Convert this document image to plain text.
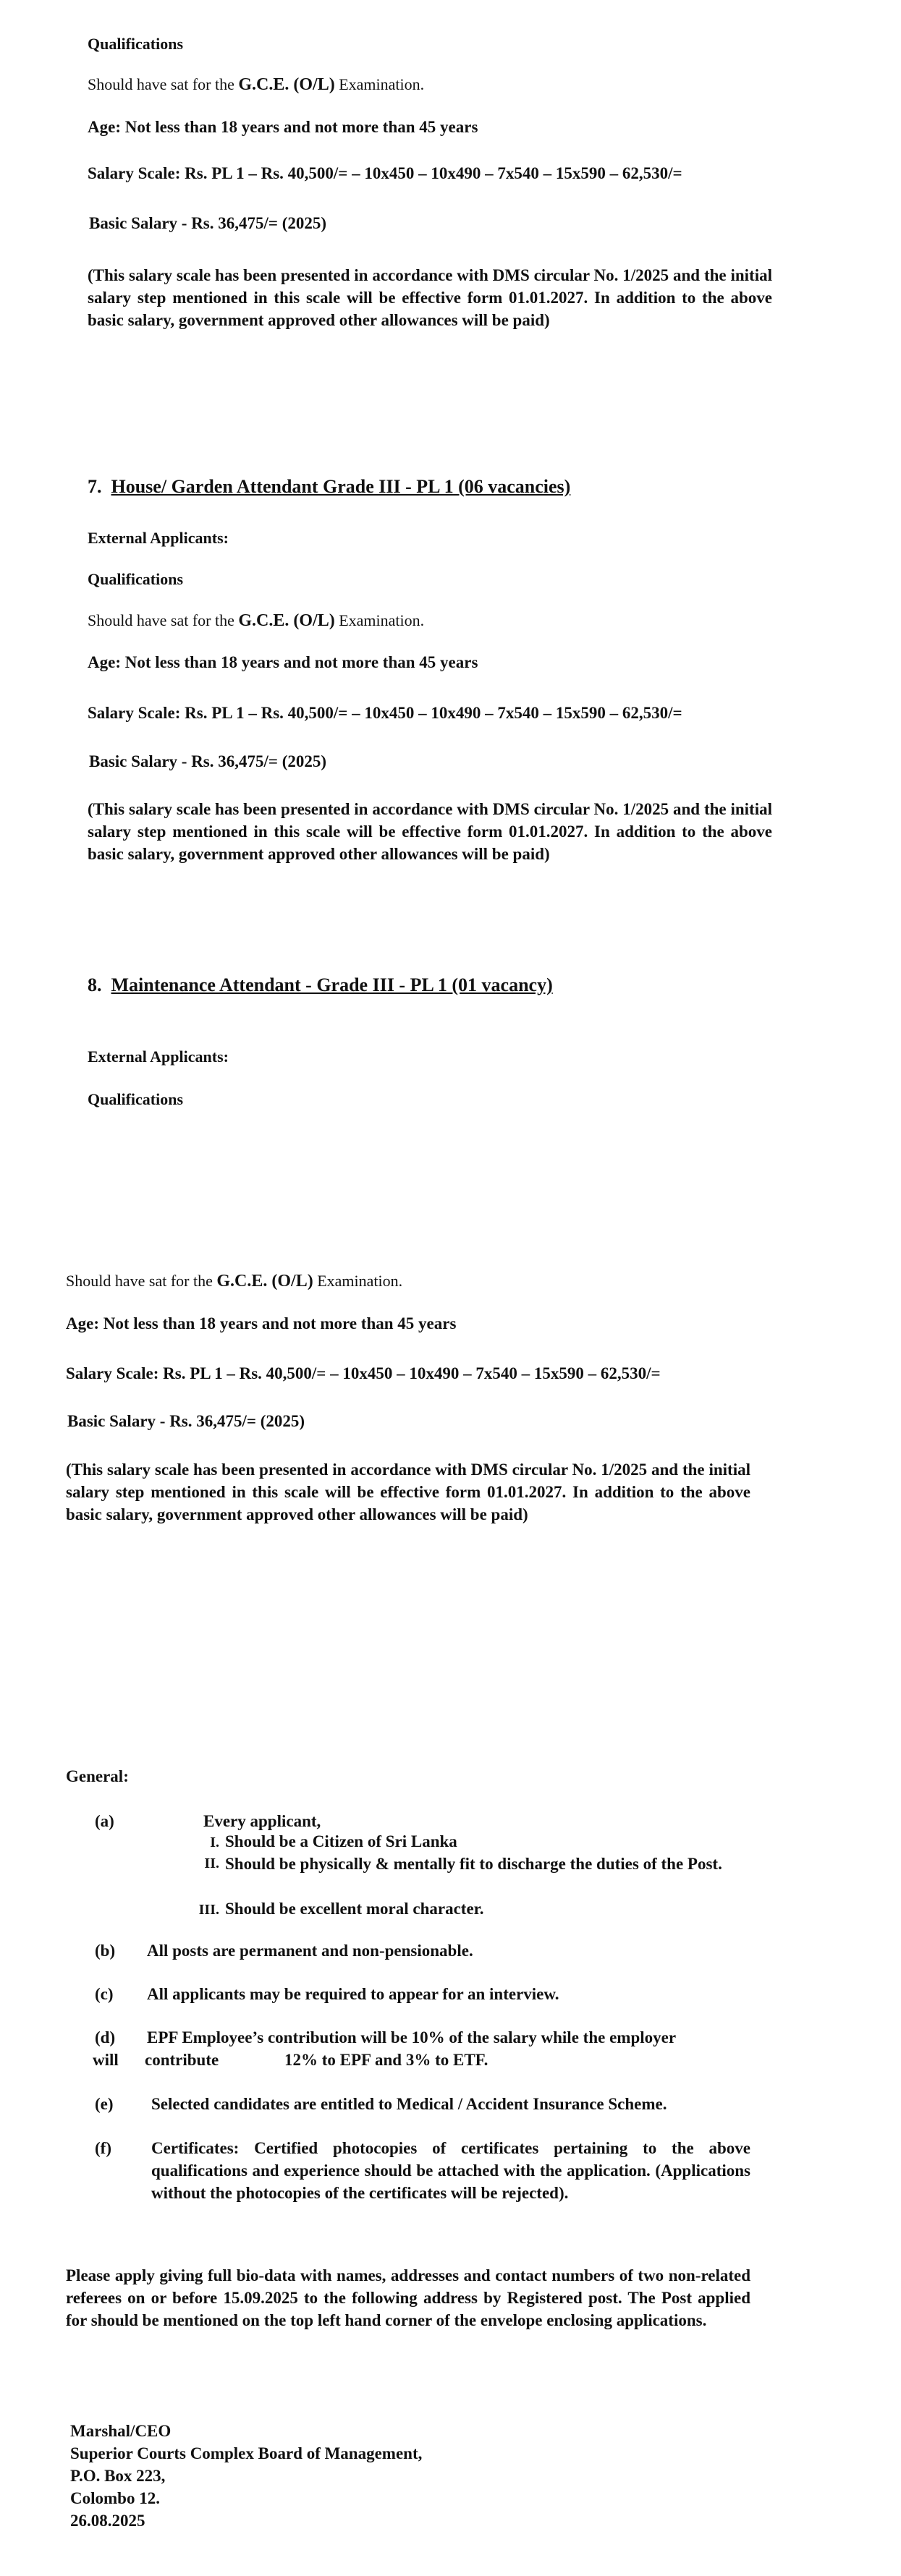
Qualifications
Should have sat for the G.C.E. (O/L) Examination.
Age: Not less than 18 years and not more than 45 years
Salary Scale: Rs. PL 1 – Rs. 40,500/= – 10x450 – 10x490 – 7x540 – 15x590 – 62,530/=
Basic Salary - Rs. 36,475/= (2025)
(This salary scale has been presented in accordance with DMS circular No. 1/2025 and the initial salary step mentioned in this scale will be effective form 01.01.2027. In addition to the above basic salary, government approved other allowances will be paid)
7. House/ Garden Attendant Grade III - PL 1 (06 vacancies)
External Applicants:
Qualifications
Should have sat for the G.C.E. (O/L) Examination.
Age: Not less than 18 years and not more than 45 years
Salary Scale: Rs. PL 1 – Rs. 40,500/= – 10x450 – 10x490 – 7x540 – 15x590 – 62,530/=
Basic Salary - Rs. 36,475/= (2025)
(This salary scale has been presented in accordance with DMS circular No. 1/2025 and the initial salary step mentioned in this scale will be effective form 01.01.2027. In addition to the above basic salary, government approved other allowances will be paid)
8. Maintenance Attendant - Grade III - PL 1 (01 vacancy)
External Applicants:
Qualifications
Should have sat for the G.C.E. (O/L) Examination.
Age: Not less than 18 years and not more than 45 years
Salary Scale: Rs. PL 1 – Rs. 40,500/= – 10x450 – 10x490 – 7x540 – 15x590 – 62,530/=
Basic Salary - Rs. 36,475/= (2025)
(This salary scale has been presented in accordance with DMS circular No. 1/2025 and the initial salary step mentioned in this scale will be effective form 01.01.2027. In addition to the above basic salary, government approved other allowances will be paid)
General:
(a)	Every applicant,
I. Should be a Citizen of Sri Lanka
II. Should be physically & mentally fit to discharge the duties of the Post.
III. Should be excellent moral character.
(b) All posts are permanent and non-pensionable.
(c) All applicants may be required to appear for an interview.
(d) EPF Employee’s contribution will be 10% of the salary while the employer
will contribute	12% to EPF and 3% to ETF.
(e) Selected candidates are entitled to Medical / Accident Insurance Scheme.
(f) Certificates: Certified photocopies of certificates pertaining to the above qualifications and experience should be attached with the application. (Applications without the photocopies of the certificates will be rejected).
Please apply giving full bio-data with names, addresses and contact numbers of two non-related referees on or before 15.09.2025 to the following address by Registered post. The Post applied for should be mentioned on the top left hand corner of the envelope enclosing applications.
Marshal/CEO
Superior Courts Complex Board of Management,
P.O. Box 223,
Colombo 12.
26.08.2025
